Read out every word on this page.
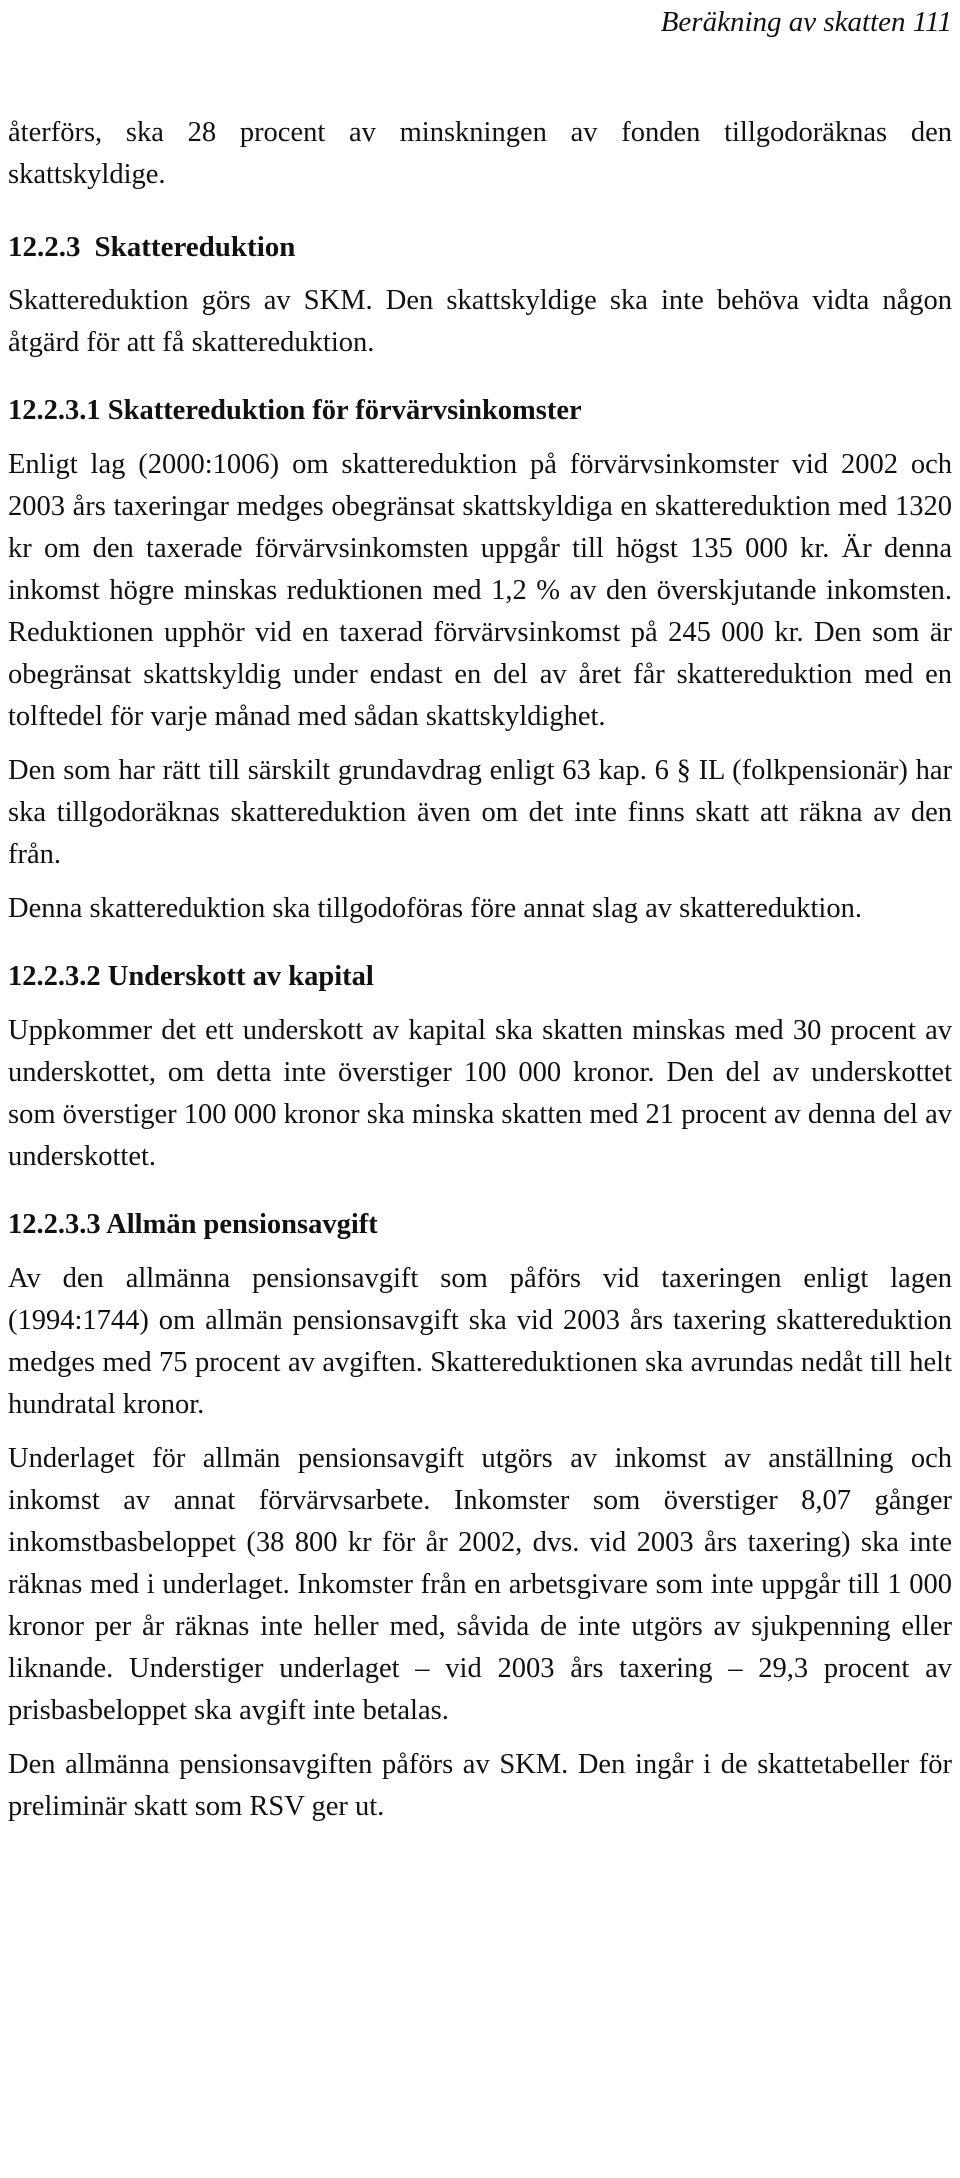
Beräkning av skatten 111

återförs, ska 28 procent av minskningen av fonden tillgodoräknas den skattskyldige.

12.2.3 Skattereduktion

Skattereduktion görs av SKM. Den skattskyldige ska inte behöva vidta någon åtgärd för att få skattereduktion.

12.2.3.1 Skattereduktion för förvärvsinkomster

Enligt lag (2000:1006) om skattereduktion på förvärvsinkomster vid 2002 och 2003 års taxeringar medges obegränsat skattskyldiga en skattereduktion med 1320 kr om den taxerade förvärvsinkomsten uppgår till högst 135 000 kr. Är denna inkomst högre minskas reduktionen med 1,2 % av den överskjutande inkomsten. Reduktionen upphör vid en taxerad förvärvsinkomst på 245 000 kr. Den som är obegränsat skattskyldig under endast en del av året får skattereduktion med en tolftedel för varje månad med sådan skattskyldighet.

Den som har rätt till särskilt grundavdrag enligt 63 kap. 6 § IL (folkpensionär) har ska tillgodoräknas skattereduktion även om det inte finns skatt att räkna av den från.

Denna skattereduktion ska tillgodoföras före annat slag av skattereduktion.

12.2.3.2 Underskott av kapital

Uppkommer det ett underskott av kapital ska skatten minskas med 30 procent av underskottet, om detta inte överstiger 100 000 kronor. Den del av underskottet som överstiger 100 000 kronor ska minska skatten med 21 procent av denna del av underskottet.

12.2.3.3 Allmän pensionsavgift

Av den allmänna pensionsavgift som påförs vid taxeringen enligt lagen (1994:1744) om allmän pensionsavgift ska vid 2003 års taxering skattereduktion medges med 75 procent av avgiften. Skattereduktionen ska avrundas nedåt till helt hundratal kronor.

Underlaget för allmän pensionsavgift utgörs av inkomst av anställning och inkomst av annat förvärvsarbete. Inkomster som överstiger 8,07 gånger inkomstbasbeloppet (38 800 kr för år 2002, dvs. vid 2003 års taxering) ska inte räknas med i underlaget. Inkomster från en arbetsgivare som inte uppgår till 1 000 kronor per år räknas inte heller med, såvida de inte utgörs av sjukpenning eller liknande. Understiger underlaget – vid 2003 års taxering – 29,3 procent av prisbasbeloppet ska avgift inte betalas.

Den allmänna pensionsavgiften påförs av SKM. Den ingår i de skattetabeller för preliminär skatt som RSV ger ut.
